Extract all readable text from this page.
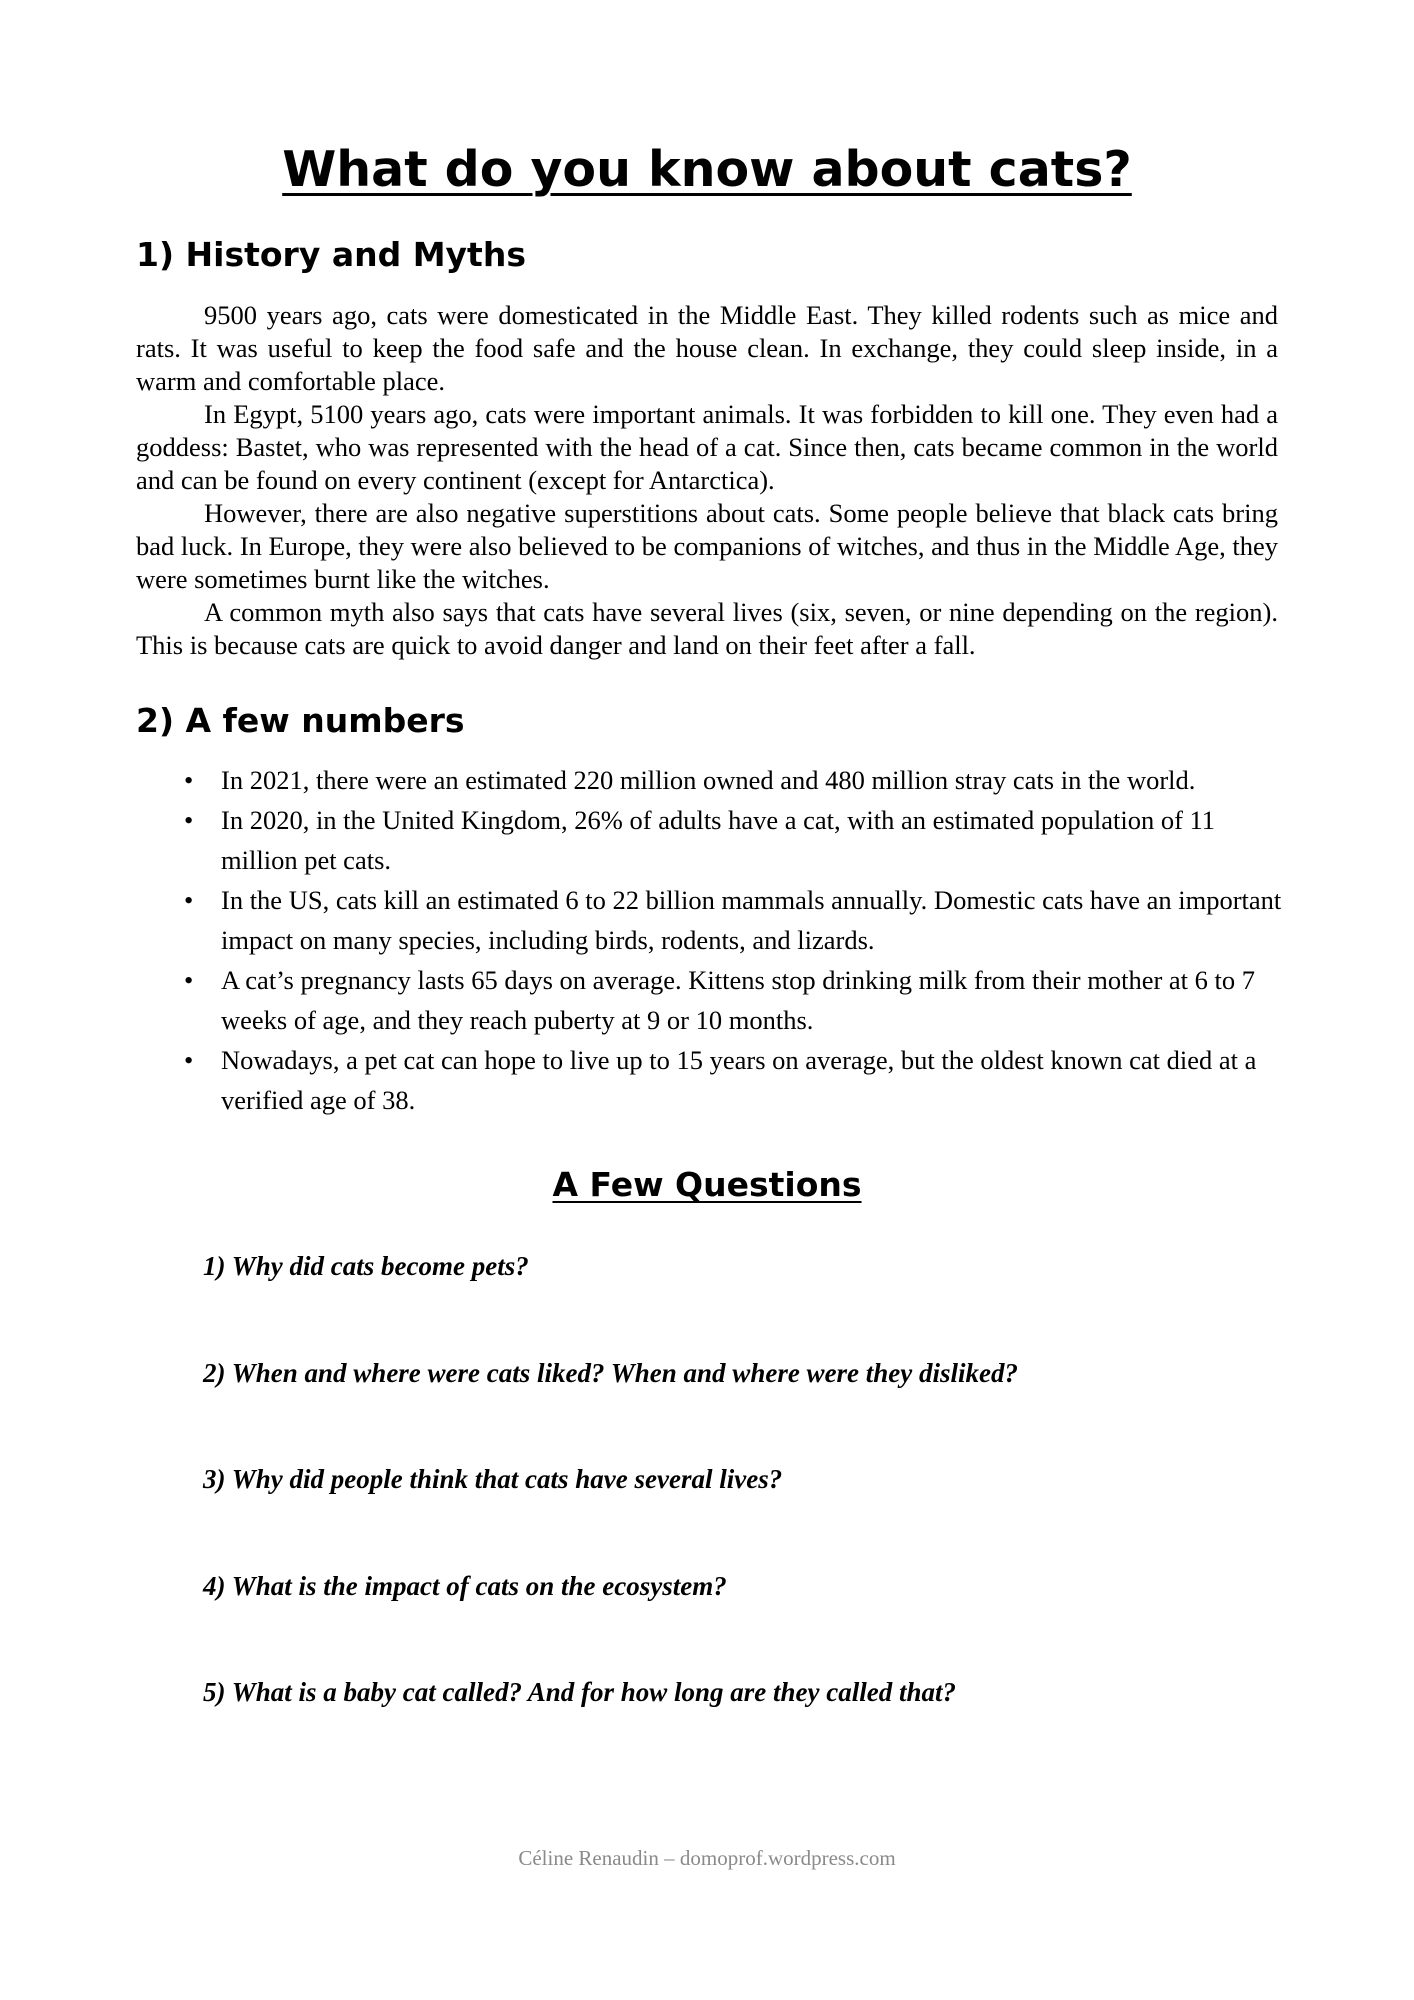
What do you know about cats?
1) History and Myths

9500 years ago, cats were domesticated in the Middle East. They killed rodents such as mice and rats. It was useful to keep the food safe and the house clean. In exchange, they could sleep inside, in a warm and comfortable place.

In Egypt, 5100 years ago, cats were important animals. It was forbidden to kill one. They even had a goddess: Bastet, who was represented with the head of a cat. Since then, cats became common in the world and can be found on every continent (except for Antarctica).

However, there are also negative superstitions about cats. Some people believe that black cats bring bad luck. In Europe, they were also believed to be companions of witches, and thus in the Middle Age, they were sometimes burnt like the witches.

A common myth also says that cats have several lives (six, seven, or nine depending on the region). This is because cats are quick to avoid danger and land on their feet after a fall.

2) A few numbers
• In 2021, there were an estimated 220 million owned and 480 million stray cats in the world.
• In 2020, in the United Kingdom, 26% of adults have a cat, with an estimated population of 11 million pet cats.
• In the US, cats kill an estimated 6 to 22 billion mammals annually. Domestic cats have an important impact on many species, including birds, rodents, and lizards.
• A cat’s pregnancy lasts 65 days on average. Kittens stop drinking milk from their mother at 6 to 7 weeks of age, and they reach puberty at 9 or 10 months.
• Nowadays, a pet cat can hope to live up to 15 years on average, but the oldest known cat died at a verified age of 38.
A Few Questions

1) Why did cats become pets?

2) When and where were cats liked? When and where were they disliked?

3) Why did people think that cats have several lives?

4) What is the impact of cats on the ecosystem?

5) What is a baby cat called? And for how long are they called that?

Céline Renaudin – domoprof.wordpress.com
